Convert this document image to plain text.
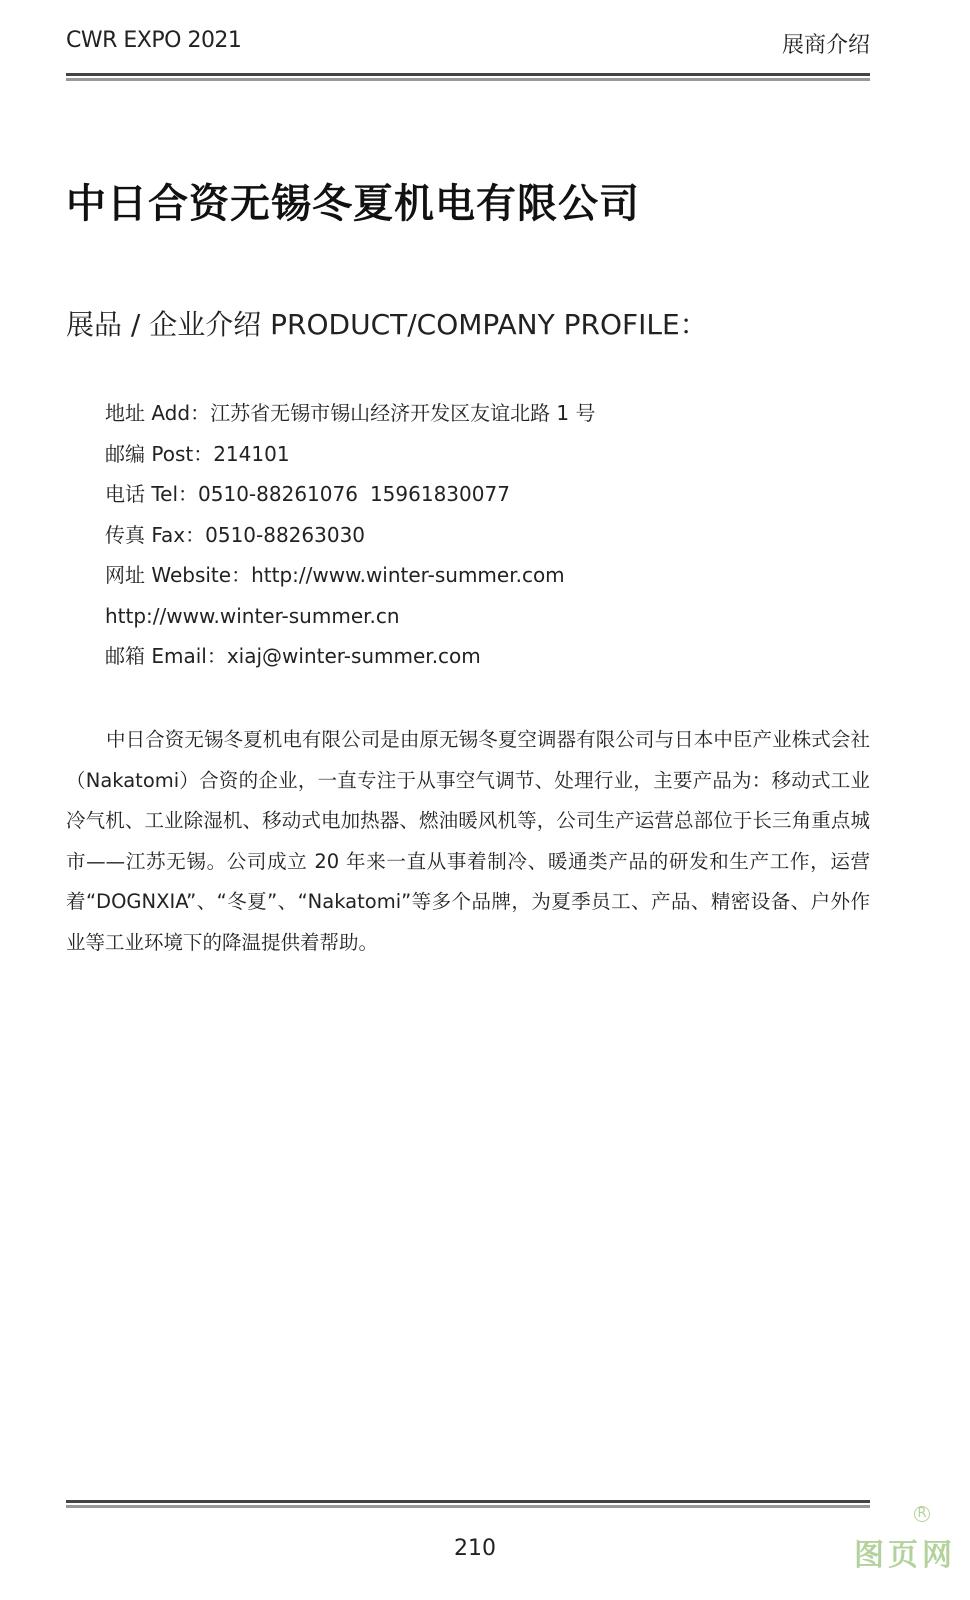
CWR EXPO 2021	展商介绍
中日合资无锡冬夏机电有限公司
展品 / 企业介绍 PRODUCT/COMPANY PROFILE：
地址 Add：江苏省无锡市锡山经济开发区友谊北路 1 号
邮编 Post：214101
电话 Tel：0510-88261076 15961830077
传真 Fax：0510-88263030
网址 Website：http://www.winter-summer.com
http://www.winter-summer.cn
邮箱 Email：xiaj@winter-summer.com
中日合资无锡冬夏机电有限公司是由原无锡冬夏空调器有限公司与日本中臣产业株式会社（Nakatomi）合资的企业，一直专注于从事空气调节、处理行业，主要产品为：移动式工业冷气机、工业除湿机、移动式电加热器、燃油暖风机等，公司生产运营总部位于长三角重点城市——江苏无锡。公司成立 20 年来一直从事着制冷、暖通类产品的研发和生产工作，运营着“DOGNXIA”、“冬夏”、“Nakatomi”等多个品牌，为夏季员工、产品、精密设备、户外作业等工业环境下的降温提供着帮助。
210
R
图页网
